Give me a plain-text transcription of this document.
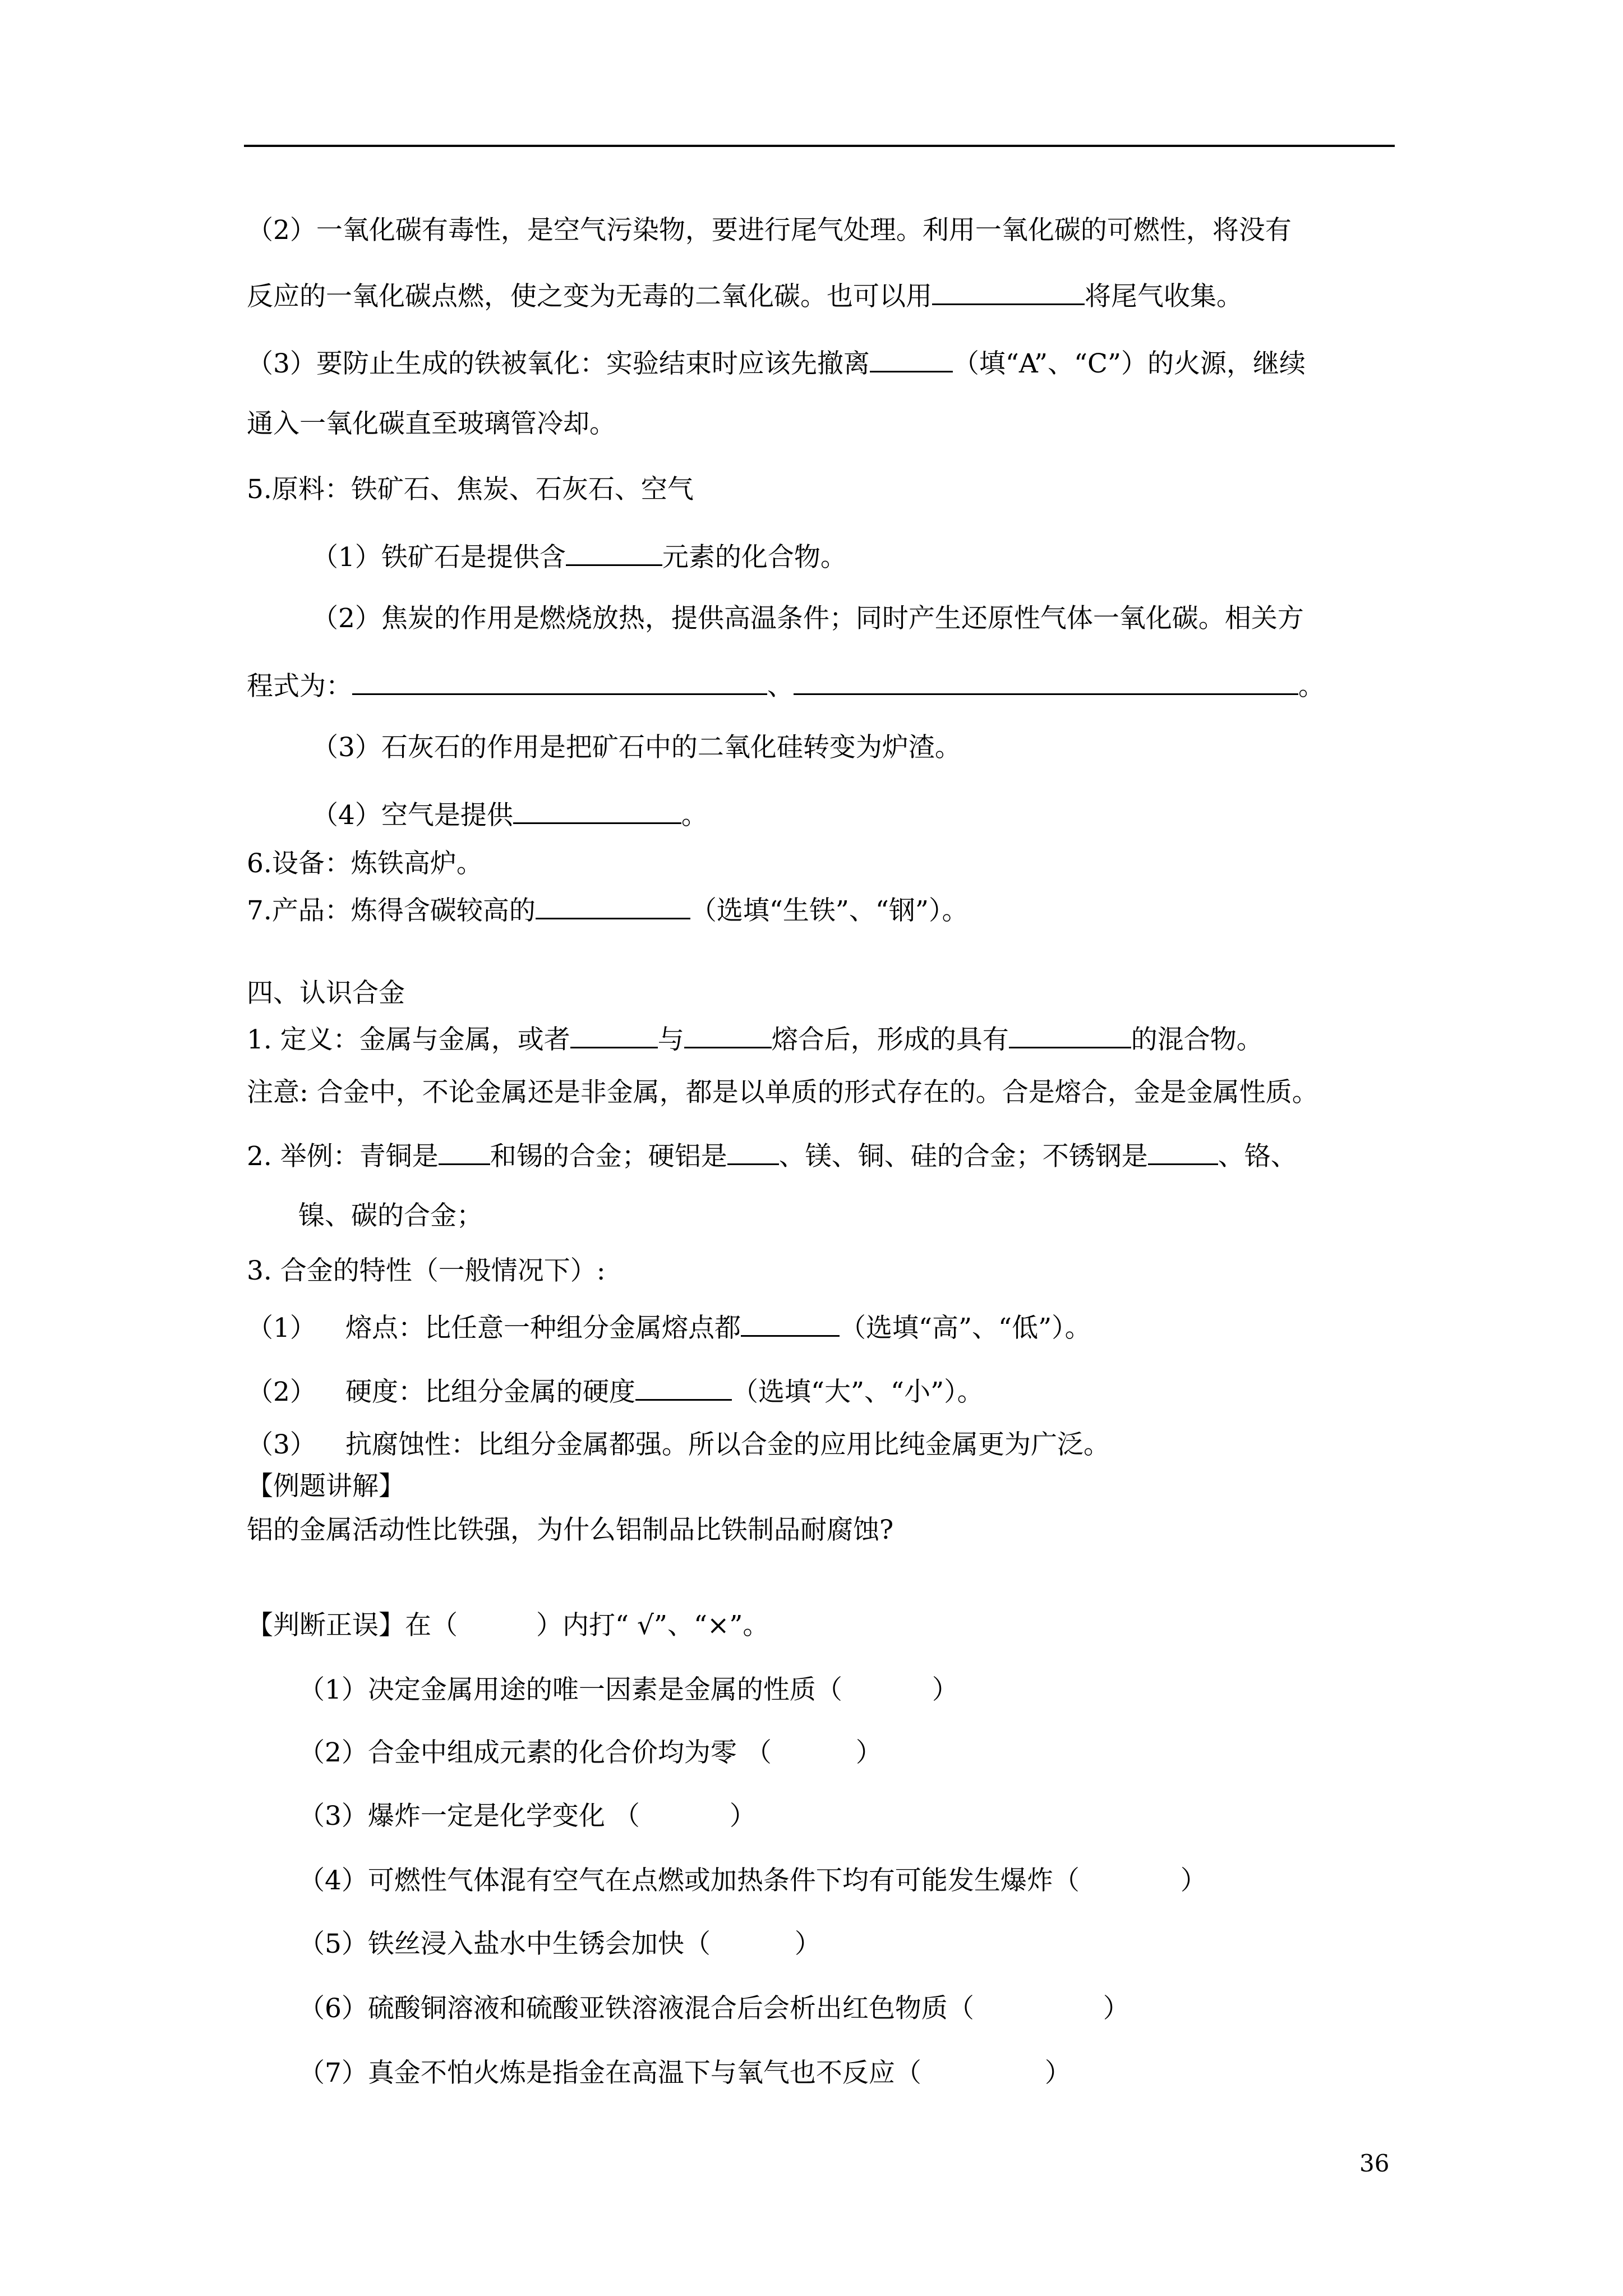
（2）一氧化碳有毒性，是空气污染物，要进行尾气处理。利用一氧化碳的可燃性，将没有
反应的一氧化碳点燃，使之变为无毒的二氧化碳。也可以用	将尾气收集。
（3）要防止生成的铁被氧化：实验结束时应该先撤离	（填“A”、“C”）的火源，继续
通入一氧化碳直至玻璃管冷却。
5.原料：铁矿石、焦炭、石灰石、空气
（1）铁矿石是提供含	元素的化合物。
（2）焦炭的作用是燃烧放热，提供高温条件；同时产生还原性气体一氧化碳。相关方
程式为：	、	。
（3）石灰石的作用是把矿石中的二氧化硅转变为炉渣。
（4）空气是提供	。
6.设备：炼铁高炉。
7.产品：炼得含碳较高的	（选填“生铁”、“钢”）。
四、认识合金
1. 定义：金属与金属，或者	与	熔合后，形成的具有	的混合物。
注意: 合金中，不论金属还是非金属，都是以单质的形式存在的。合是熔合，金是金属性质。
2. 举例：青铜是 和锡的合金；硬铝是 、镁、铜、硅的合金；不锈钢是	、铬、
镍、碳的合金；
3. 合金的特性（一般情况下）:
（1） 熔点：比任意一种组分金属熔点都	（选填“高”、“低”）。
（2） 硬度：比组分金属的硬度	（选填“大”、“小”）。
（3） 抗腐蚀性：比组分金属都强。所以合金的应用比纯金属更为广泛。
【例题讲解】
铝的金属活动性比铁强，为什么铝制品比铁制品耐腐蚀?
【判断正误】在（	）内打“ √”、“×”。
（1）决定金属用途的唯一因素是金属的性质（	）
（2）合金中组成元素的化合价均为零 （	）
（3）爆炸一定是化学变化 （	）
（4）可燃性气体混有空气在点燃或加热条件下均有可能发生爆炸（	）
（5）铁丝浸入盐水中生锈会加快（	）
（6）硫酸铜溶液和硫酸亚铁溶液混合后会析出红色物质（	）
（7）真金不怕火炼是指金在高温下与氧气也不反应（	）
36
